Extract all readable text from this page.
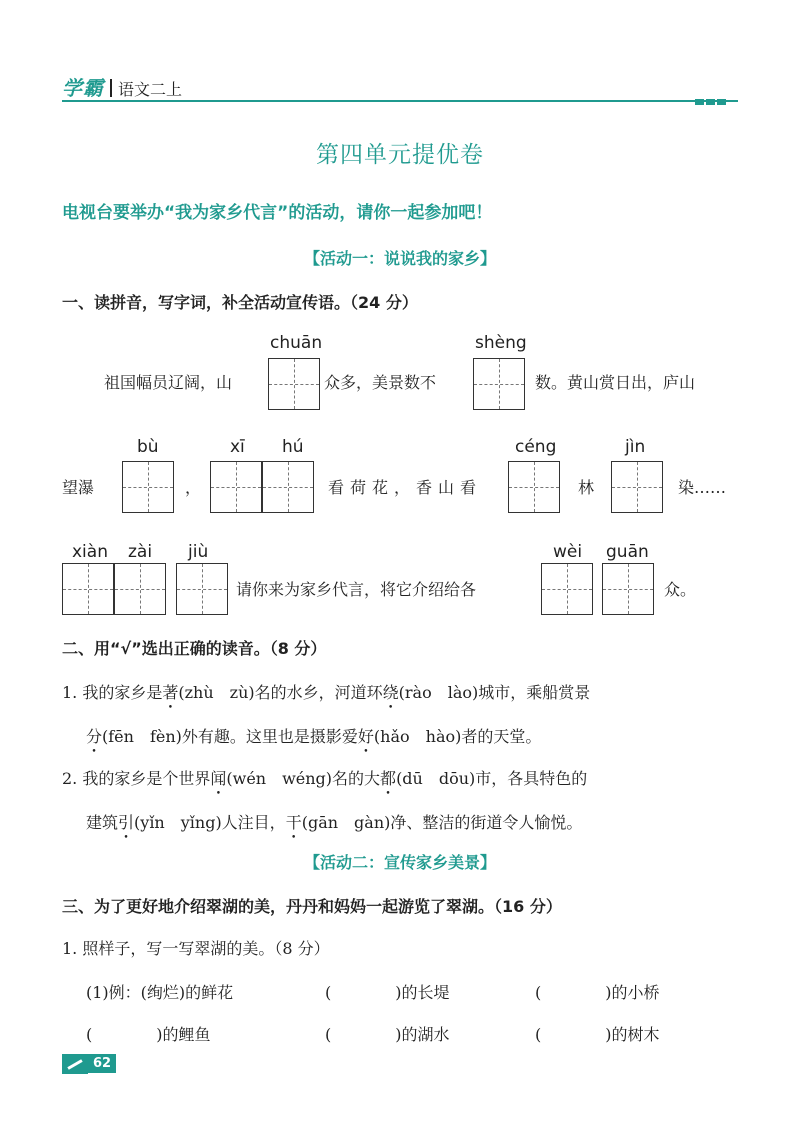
学霸 语文二上
第四单元提优卷
电视台要举办“我为家乡代言”的活动，请你一起参加吧！
【活动一：说说我的家乡】
一、读拼音，写字词，补全活动宣传语。（24 分）
chuān	shèng
祖国幅员辽阔，山	众多，美景数不	数。黄山赏日出，庐山
bù	xī hú	céng	jìn
望瀑	，	看荷花，香山看	林	染……
xiàn zài jiù	wèi guān
请你来为家乡代言，将它介绍给各	众。
二、用“√”选出正确的读音。（8 分）
1. 我的家乡是著(zhù　zù)名的水乡，河道环绕(rào　lào)城市，乘船赏景
分(fēn　fèn)外有趣。这里也是摄影爱好(hǎo　hào)者的天堂。
2. 我的家乡是个世界闻(wén　wéng)名的大都(dū　dōu)市，各具特色的
建筑引(yǐn　yǐng)人注目，干(gān　gàn)净、整洁的街道令人愉悦。
【活动二：宣传家乡美景】
三、为了更好地介绍翠湖的美，丹丹和妈妈一起游览了翠湖。（16 分）
1. 照样子，写一写翠湖的美。（8 分）
(1)例：(绚烂)的鲜花	(　　　　)的长堤	(　　　　)的小桥
(　　　　)的鲤鱼	(　　　　)的湖水	(　　　　)的树木
62
